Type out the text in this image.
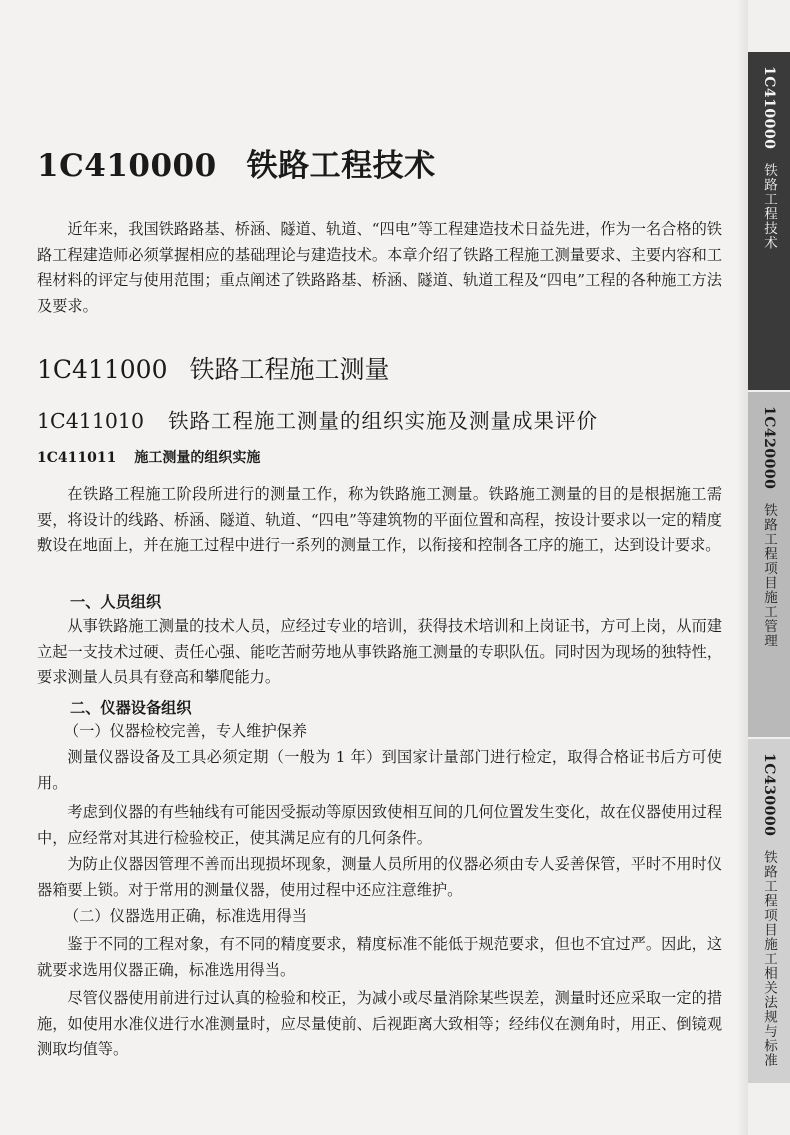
1C410000 铁路工程技术

近年来，我国铁路路基、桥涵、隧道、轨道、“四电”等工程建造技术日益先进，作为一名合格的铁路工程建造师必须掌握相应的基础理论与建造技术。本章介绍了铁路工程施工测量要求、主要内容和工程材料的评定与使用范围；重点阐述了铁路路基、桥涵、隧道、轨道工程及“四电”工程的各种施工方法及要求。

1C411000 铁路工程施工测量
1C411010 铁路工程施工测量的组织实施及测量成果评价
1C411011 施工测量的组织实施

在铁路工程施工阶段所进行的测量工作，称为铁路施工测量。铁路施工测量的目的是根据施工需要，将设计的线路、桥涵、隧道、轨道、“四电”等建筑物的平面位置和高程，按设计要求以一定的精度敷设在地面上，并在施工过程中进行一系列的测量工作，以衔接和控制各工序的施工，达到设计要求。

一、人员组织

从事铁路施工测量的技术人员，应经过专业的培训，获得技术培训和上岗证书，方可上岗，从而建立起一支技术过硬、责任心强、能吃苦耐劳地从事铁路施工测量的专职队伍。同时因为现场的独特性，要求测量人员具有登高和攀爬能力。

二、仪器设备组织
（一）仪器检校完善，专人维护保养

测量仪器设备及工具必须定期（一般为 1 年）到国家计量部门进行检定，取得合格证书后方可使用。

考虑到仪器的有些轴线有可能因受振动等原因致使相互间的几何位置发生变化，故在仪器使用过程中，应经常对其进行检验校正，使其满足应有的几何条件。

为防止仪器因管理不善而出现损坏现象，测量人员所用的仪器必须由专人妥善保管，平时不用时仪器箱要上锁。对于常用的测量仪器，使用过程中还应注意维护。

（二）仪器选用正确，标准选用得当

鉴于不同的工程对象，有不同的精度要求，精度标准不能低于规范要求，但也不宜过严。因此，这就要求选用仪器正确，标准选用得当。

尽管仪器使用前进行过认真的检验和校正，为减小或尽量消除某些误差，测量时还应采取一定的措施，如使用水准仪进行水准测量时，应尽量使前、后视距离大致相等；经纬仪在测角时，用正、倒镜观测取均值等。

1C410000
铁路工程技术
1C420000
铁路工程项目施工管理
1C430000
铁路工程项目施工相关法规与标准
